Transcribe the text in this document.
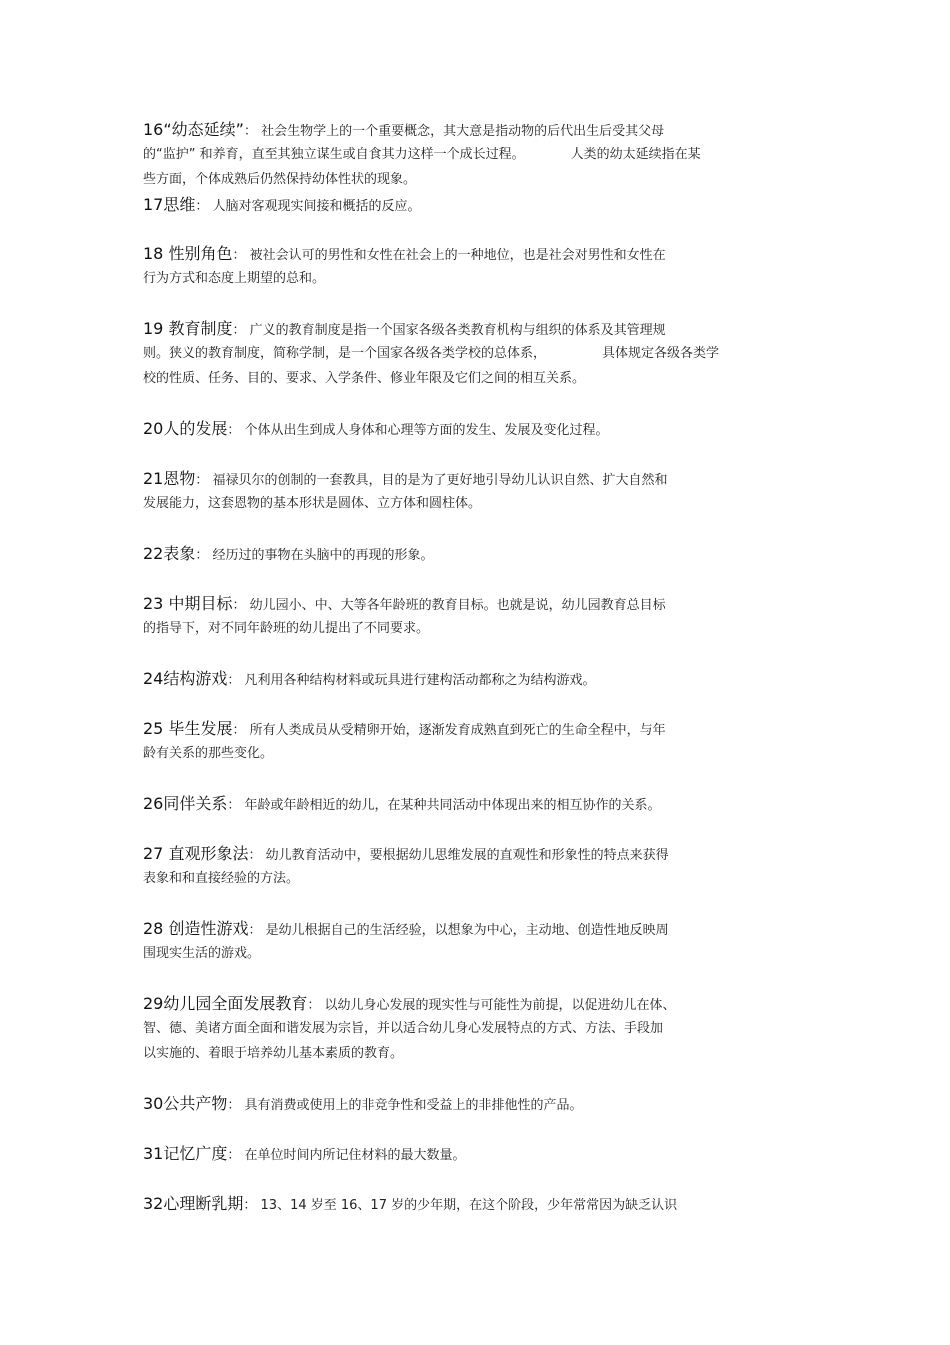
16“幼态延续”： 社会生物学上的一个重要概念，其大意是指动物的后代出生后受其父母
的“监护” 和养育，直至其独立谋生或自食其力这样一个成长过程。	人类的幼太延续指在某
些方面，个体成熟后仍然保持幼体性状的现象。
17思维： 人脑对客观现实间接和概括的反应。
18 性别角色： 被社会认可的男性和女性在社会上的一种地位，也是社会对男性和女性在
行为方式和态度上期望的总和。
19 教育制度： 广义的教育制度是指一个国家各级各类教育机构与组织的体系及其管理规
则。狭义的教育制度，简称学制，是一个国家各级各类学校的总体系，	具体规定各级各类学
校的性质、任务、目的、要求、入学条件、修业年限及它们之间的相互关系。
20人的发展： 个体从出生到成人身体和心理等方面的发生、发展及变化过程。
21恩物： 福禄贝尔的创制的一套教具，目的是为了更好地引导幼儿认识自然、扩大自然和
发展能力，这套恩物的基本形状是圆体、立方体和圆柱体。
22表象： 经历过的事物在头脑中的再现的形象。
23 中期目标： 幼儿园小、中、大等各年龄班的教育目标。也就是说，幼儿园教育总目标
的指导下，对不同年龄班的幼儿提出了不同要求。
24结构游戏： 凡利用各种结构材料或玩具进行建构活动都称之为结构游戏。
25 毕生发展： 所有人类成员从受精卵开始，逐渐发育成熟直到死亡的生命全程中，与年
龄有关系的那些变化。
26同伴关系： 年龄或年龄相近的幼儿，在某种共同活动中体现出来的相互协作的关系。
27 直观形象法： 幼儿教育活动中，要根据幼儿思维发展的直观性和形象性的特点来获得
表象和和直接经验的方法。
28 创造性游戏： 是幼儿根据自己的生活经验，以想象为中心，主动地、创造性地反映周
围现实生活的游戏。
29幼儿园全面发展教育： 以幼儿身心发展的现实性与可能性为前提，以促进幼儿在体、
智、德、美诸方面全面和谐发展为宗旨，并以适合幼儿身心发展特点的方式、方法、手段加
以实施的、着眼于培养幼儿基本素质的教育。
30公共产物： 具有消费或使用上的非竞争性和受益上的非排他性的产品。
31记忆广度： 在单位时间内所记住材料的最大数量。
32心理断乳期： 13、14 岁至 16、17 岁的少年期，在这个阶段，少年常常因为缺乏认识
